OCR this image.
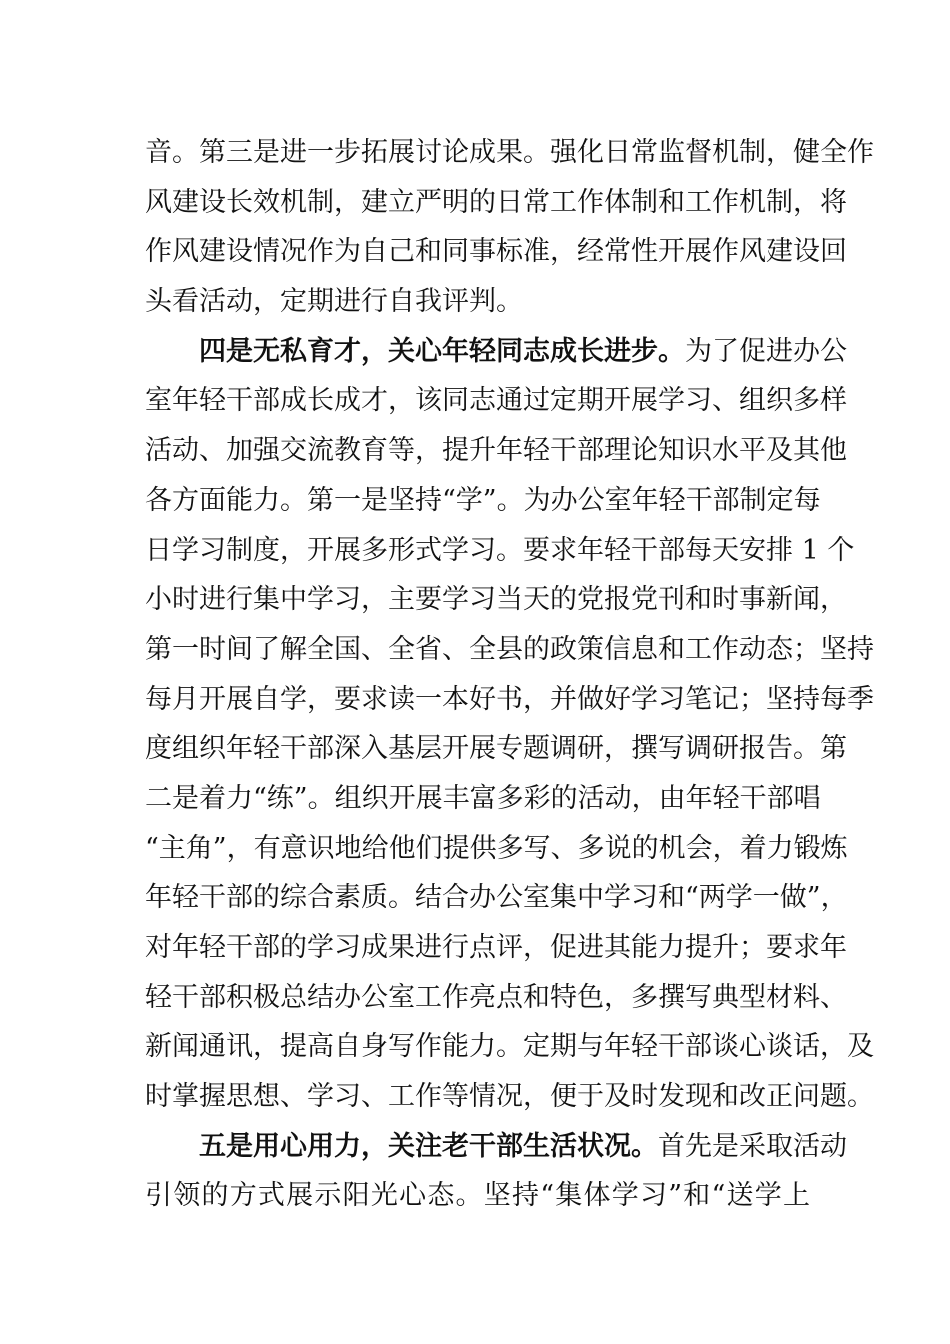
音。第三是进一步拓展讨论成果。强化日常监督机制，健全作
风建设长效机制，建立严明的日常工作体制和工作机制，将
作风建设情况作为自己和同事标准，经常性开展作风建设回
头看活动，定期进行自我评判。
四是无私育才，关心年轻同志成长进步。为了促进办公
室年轻干部成长成才，该同志通过定期开展学习、组织多样
活动、加强交流教育等，提升年轻干部理论知识水平及其他
各方面能力。第一是坚持“学”。为办公室年轻干部制定每
日学习制度，开展多形式学习。要求年轻干部每天安排 1 个
小时进行集中学习，主要学习当天的党报党刊和时事新闻，
第一时间了解全国、全省、全县的政策信息和工作动态；坚持
每月开展自学，要求读一本好书，并做好学习笔记；坚持每季
度组织年轻干部深入基层开展专题调研，撰写调研报告。第
二是着力“练”。组织开展丰富多彩的活动，由年轻干部唱
“主角”，有意识地给他们提供多写、多说的机会，着力锻炼
年轻干部的综合素质。结合办公室集中学习和“两学一做”，
对年轻干部的学习成果进行点评，促进其能力提升；要求年
轻干部积极总结办公室工作亮点和特色，多撰写典型材料、
新闻通讯，提高自身写作能力。定期与年轻干部谈心谈话，及
时掌握思想、学习、工作等情况，便于及时发现和改正问题。
五是用心用力，关注老干部生活状况。首先是采取活动
引领的方式展示阳光心态。坚持“集体学习”和“送学上
